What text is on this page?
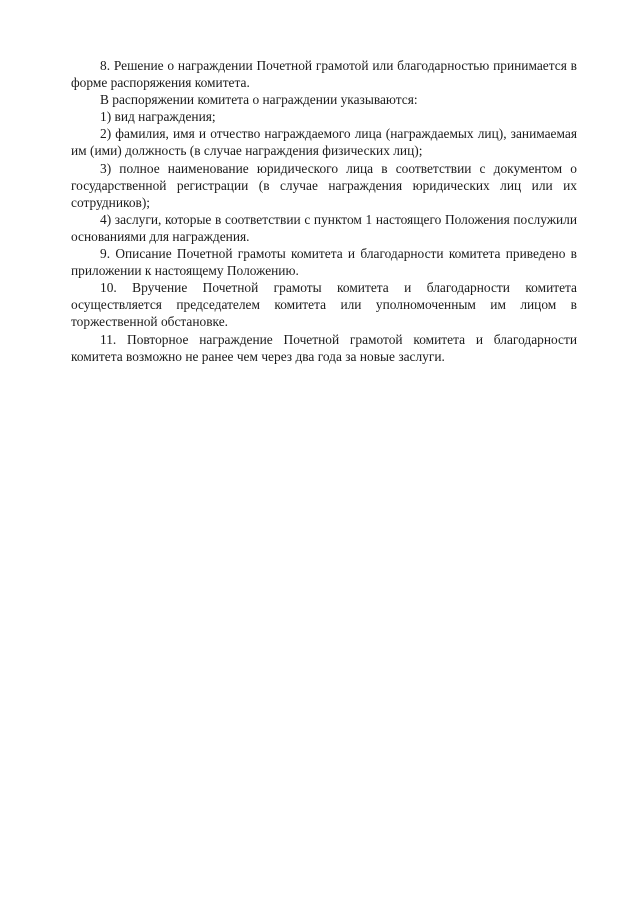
8. Решение о награждении Почетной грамотой или благодарностью принимается в форме распоряжения комитета.

В распоряжении комитета о награждении указываются:

1) вид награждения;

2) фамилия, имя и отчество награждаемого лица (награждаемых лиц), занимаемая им (ими) должность (в случае награждения физических лиц);

3) полное наименование юридического лица в соответствии с документом о государственной регистрации (в случае награждения юридических лиц или их сотрудников);

4) заслуги, которые в соответствии с пунктом 1 настоящего Положения послужили основаниями для награждения.

9. Описание Почетной грамоты комитета и благодарности комитета приведено в приложении к настоящему Положению.

10. Вручение Почетной грамоты комитета и благодарности комитета осуществляется председателем комитета или уполномоченным им лицом в торжественной обстановке.

11. Повторное награждение Почетной грамотой комитета и благодарности комитета возможно не ранее чем через два года за новые заслуги.
